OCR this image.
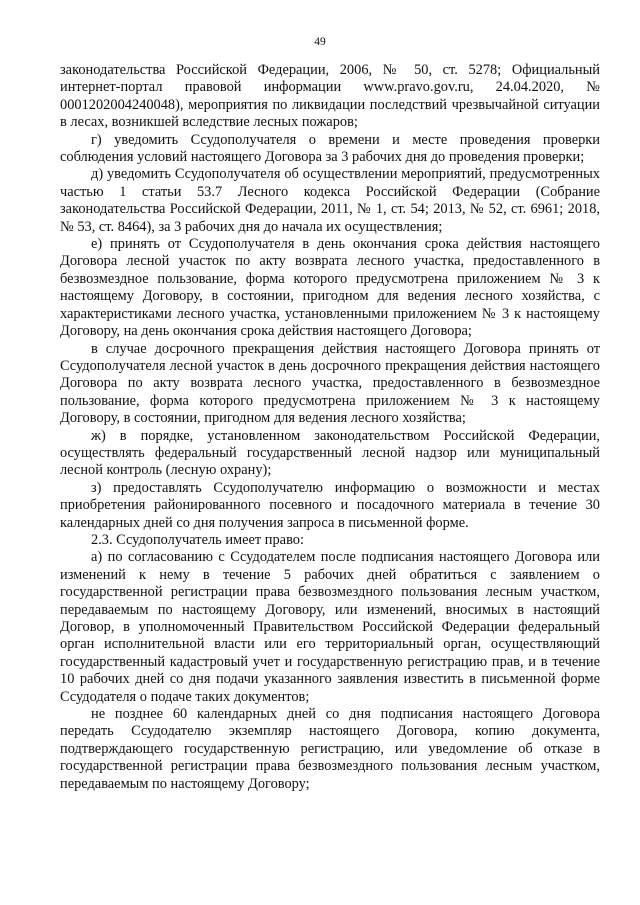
49

законодательства Российской Федерации, 2006, № 50, ст. 5278; Официальный интернет-портал правовой информации www.pravo.gov.ru, 24.04.2020, № 0001202004240048), мероприятия по ликвидации последствий чрезвычайной ситуации в лесах, возникшей вследствие лесных пожаров;

г) уведомить Ссудополучателя о времени и месте проведения проверки соблюдения условий настоящего Договора за 3 рабочих дня до проведения проверки;

д) уведомить Ссудополучателя об осуществлении мероприятий, предусмотренных частью 1 статьи 53.7 Лесного кодекса Российской Федерации (Собрание законодательства Российской Федерации, 2011, № 1, ст. 54; 2013, № 52, ст. 6961; 2018, № 53, ст. 8464), за 3 рабочих дня до начала их осуществления;

е) принять от Ссудополучателя в день окончания срока действия настоящего Договора лесной участок по акту возврата лесного участка, предоставленного в безвозмездное пользование, форма которого предусмотрена приложением № 3 к настоящему Договору, в состоянии, пригодном для ведения лесного хозяйства, с характеристиками лесного участка, установленными приложением № 3 к настоящему Договору, на день окончания срока действия настоящего Договора;

в случае досрочного прекращения действия настоящего Договора принять от Ссудополучателя лесной участок в день досрочного прекращения действия настоящего Договора по акту возврата лесного участка, предоставленного в безвозмездное пользование, форма которого предусмотрена приложением № 3 к настоящему Договору, в состоянии, пригодном для ведения лесного хозяйства;

ж) в порядке, установленном законодательством Российской Федерации, осуществлять федеральный государственный лесной надзор или муниципальный лесной контроль (лесную охрану);

з) предоставлять Ссудополучателю информацию о возможности и местах приобретения районированного посевного и посадочного материала в течение 30 календарных дней со дня получения запроса в письменной форме.

2.3. Ссудополучатель имеет право:

а) по согласованию с Ссудодателем после подписания настоящего Договора или изменений к нему в течение 5 рабочих дней обратиться с заявлением о государственной регистрации права безвозмездного пользования лесным участком, передаваемым по настоящему Договору, или изменений, вносимых в настоящий Договор, в уполномоченный Правительством Российской Федерации федеральный орган исполнительной власти или его территориальный орган, осуществляющий государственный кадастровый учет и государственную регистрацию прав, и в течение 10 рабочих дней со дня подачи указанного заявления известить в письменной форме Ссудодателя о подаче таких документов;

не позднее 60 календарных дней со дня подписания настоящего Договора передать Ссудодателю экземпляр настоящего Договора, копию документа, подтверждающего государственную регистрацию, или уведомление об отказе в государственной регистрации права безвозмездного пользования лесным участком, передаваемым по настоящему Договору;
